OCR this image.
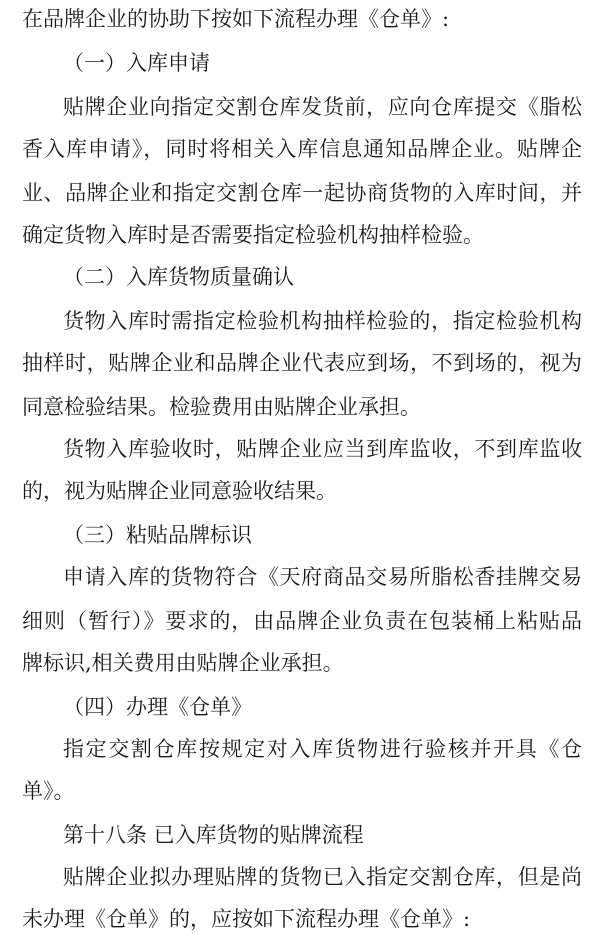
在品牌企业的协助下按如下流程办理《仓单》:
（一）入库申请
贴牌企业向指定交割仓库发货前，应向仓库提交《脂松
香入库申请》，同时将相关入库信息通知品牌企业。贴牌企
业、品牌企业和指定交割仓库一起协商货物的入库时间，并
确定货物入库时是否需要指定检验机构抽样检验。
（二）入库货物质量确认
货物入库时需指定检验机构抽样检验的，指定检验机构
抽样时，贴牌企业和品牌企业代表应到场，不到场的，视为
同意检验结果。检验费用由贴牌企业承担。
货物入库验收时，贴牌企业应当到库监收，不到库监收
的，视为贴牌企业同意验收结果。
（三）粘贴品牌标识
申请入库的货物符合《天府商品交易所脂松香挂牌交易
细则（暂行）》要求的，由品牌企业负责在包装桶上粘贴品
牌标识,相关费用由贴牌企业承担。
（四）办理《仓单》
指定交割仓库按规定对入库货物进行验核并开具《仓
单》。
第十八条 已入库货物的贴牌流程
贴牌企业拟办理贴牌的货物已入指定交割仓库，但是尚
未办理《仓单》的，应按如下流程办理《仓单》:
